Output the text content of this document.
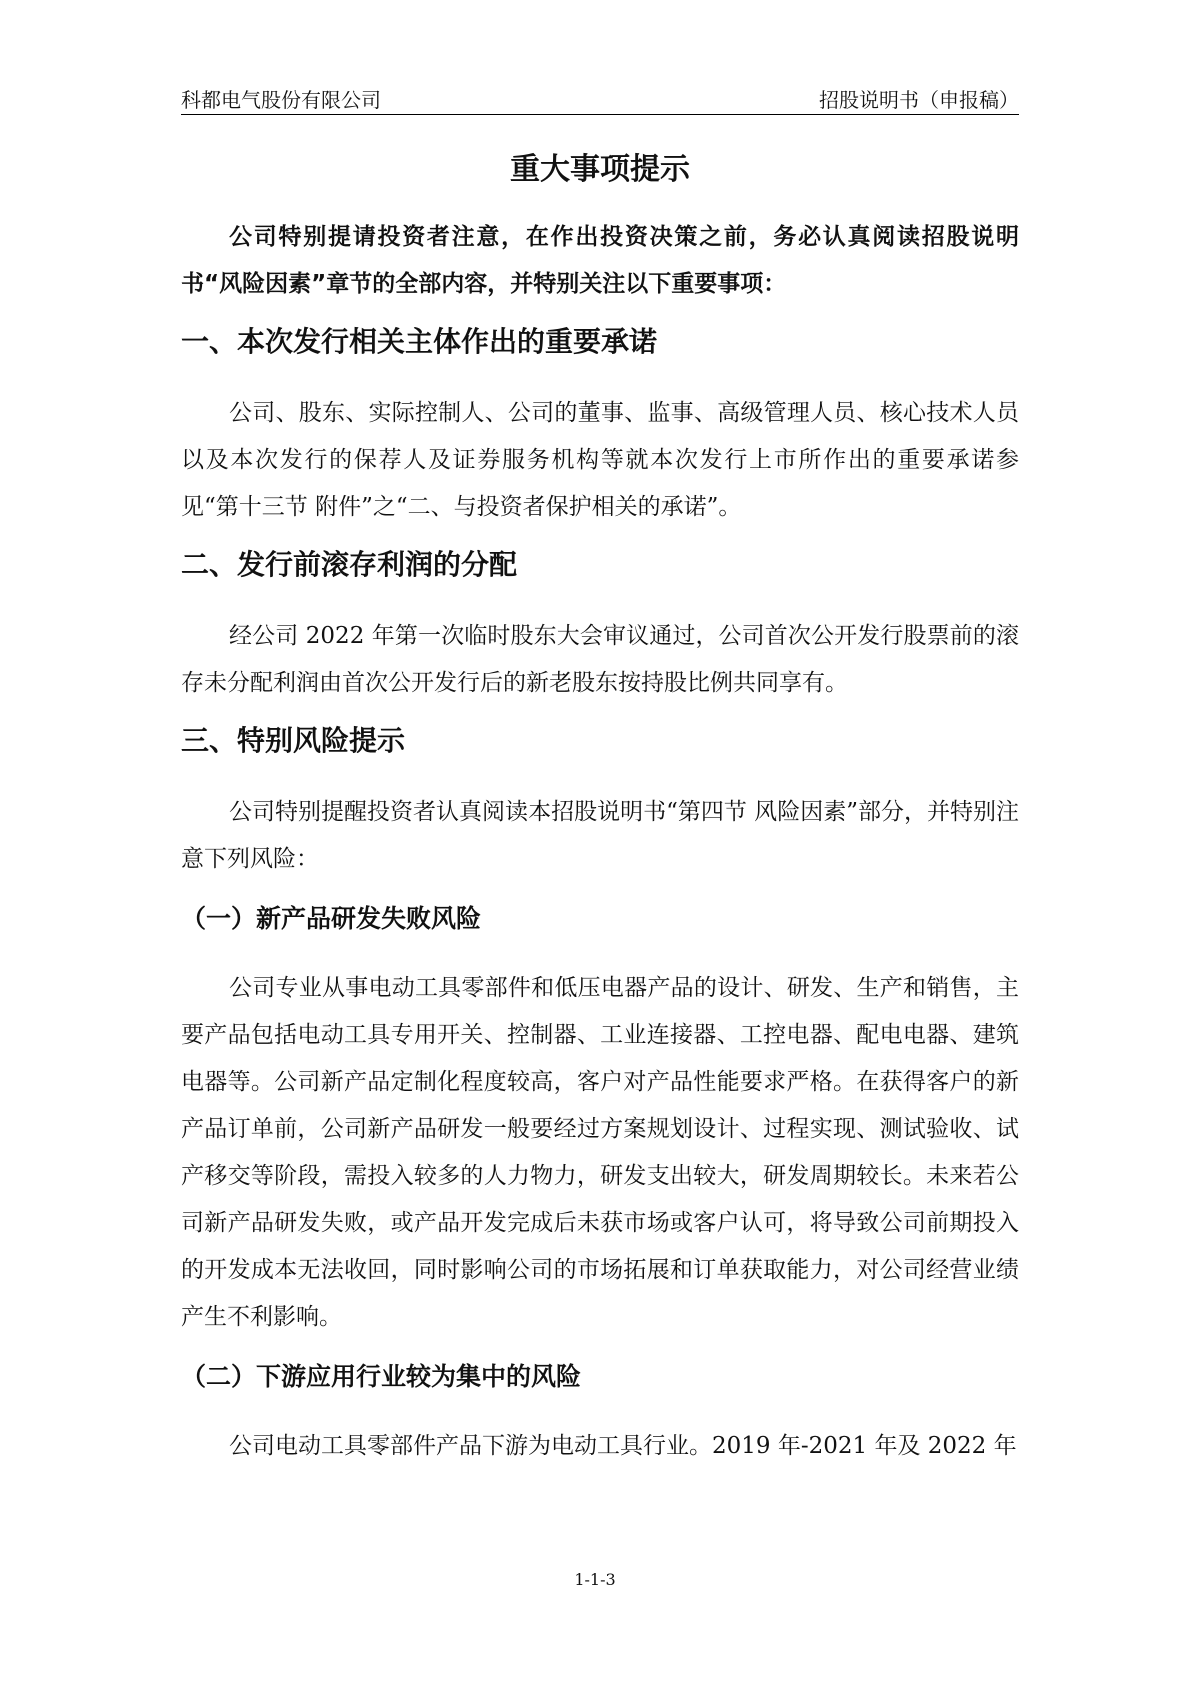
科都电气股份有限公司	招股说明书（申报稿）
重大事项提示

公司特别提请投资者注意，在作出投资决策之前，务必认真阅读招股说明书“风险因素”章节的全部内容，并特别关注以下重要事项：

一、本次发行相关主体作出的重要承诺

公司、股东、实际控制人、公司的董事、监事、高级管理人员、核心技术人员以及本次发行的保荐人及证券服务机构等就本次发行上市所作出的重要承诺参见“第十三节 附件”之“二、与投资者保护相关的承诺”。

二、发行前滚存利润的分配

经公司 2022 年第一次临时股东大会审议通过，公司首次公开发行股票前的滚存未分配利润由首次公开发行后的新老股东按持股比例共同享有。

三、特别风险提示

公司特别提醒投资者认真阅读本招股说明书“第四节 风险因素”部分，并特别注意下列风险：

（一）新产品研发失败风险

公司专业从事电动工具零部件和低压电器产品的设计、研发、生产和销售，主要产品包括电动工具专用开关、控制器、工业连接器、工控电器、配电电器、建筑电器等。公司新产品定制化程度较高，客户对产品性能要求严格。在获得客户的新产品订单前，公司新产品研发一般要经过方案规划设计、过程实现、测试验收、试产移交等阶段，需投入较多的人力物力，研发支出较大，研发周期较长。未来若公司新产品研发失败，或产品开发完成后未获市场或客户认可，将导致公司前期投入的开发成本无法收回，同时影响公司的市场拓展和订单获取能力，对公司经营业绩产生不利影响。

（二）下游应用行业较为集中的风险

公司电动工具零部件产品下游为电动工具行业。2019 年-2021 年及 2022 年

1-1-3
